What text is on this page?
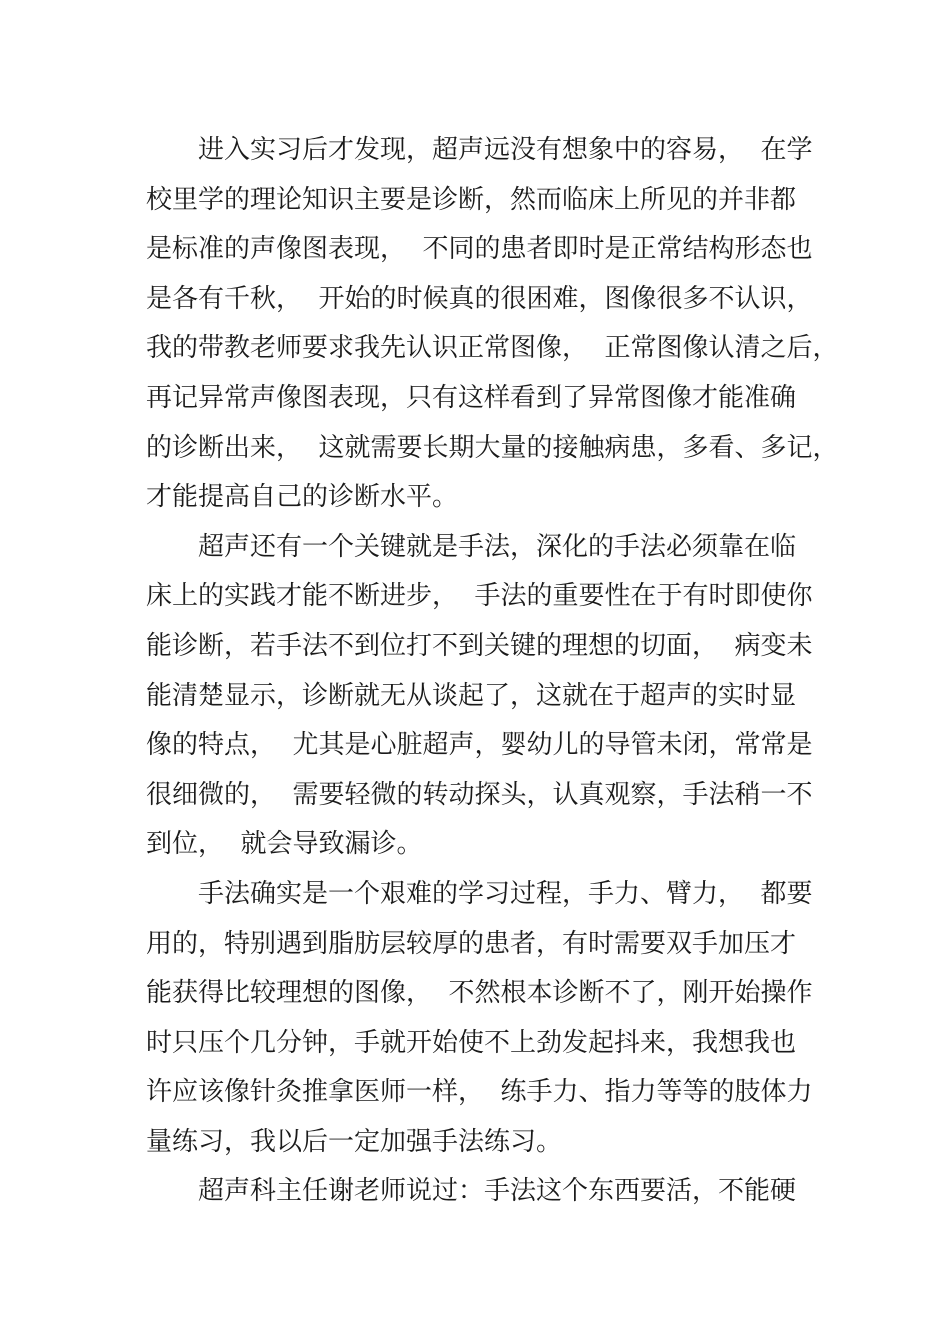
进入实习后才发现，超声远没有想象中的容易，  在学
校里学的理论知识主要是诊断，然而临床上所见的并非都
是标准的声像图表现，  不同的患者即时是正常结构形态也
是各有千秋，  开始的时候真的很困难，图像很多不认识，
我的带教老师要求我先认识正常图像，  正常图像认清之后，
再记异常声像图表现，只有这样看到了异常图像才能准确
的诊断出来，  这就需要长期大量的接触病患，多看、多记，
才能提高自己的诊断水平。
超声还有一个关键就是手法，深化的手法必须靠在临
床上的实践才能不断进步，  手法的重要性在于有时即使你
能诊断，若手法不到位打不到关键的理想的切面，  病变未
能清楚显示，诊断就无从谈起了，这就在于超声的实时显
像的特点，  尤其是心脏超声，婴幼儿的导管未闭，常常是
很细微的，  需要轻微的转动探头，认真观察，手法稍一不
到位，  就会导致漏诊。
手法确实是一个艰难的学习过程，手力、臂力，  都要
用的，特别遇到脂肪层较厚的患者，有时需要双手加压才
能获得比较理想的图像，  不然根本诊断不了，刚开始操作
时只压个几分钟，手就开始使不上劲发起抖来，我想我也
许应该像针灸推拿医师一样，  练手力、指力等等的肢体力
量练习，我以后一定加强手法练习。
超声科主任谢老师说过：手法这个东西要活，不能硬
